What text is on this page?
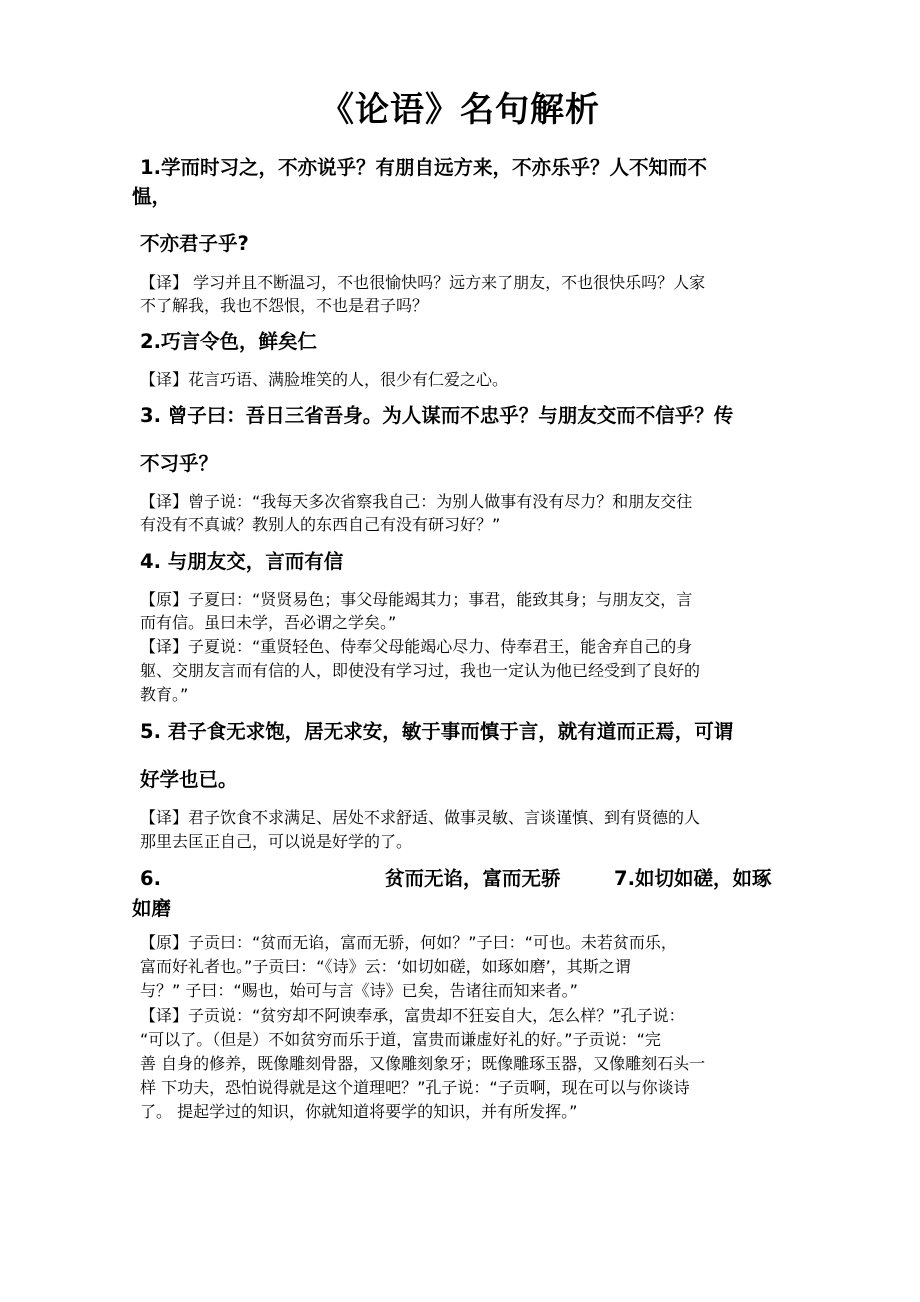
《论语》名句解析
1.学而时习之，不亦说乎？有朋自远方来，不亦乐乎？人不知而不
愠，
不亦君子乎?
【译】 学习并且不断温习，不也很愉快吗？远方来了朋友，不也很快乐吗？人家
不了解我，我也不怨恨，不也是君子吗？
2.巧言令色，鲜矣仁
【译】花言巧语、满脸堆笑的人，很少有仁爱之心。
3. 曾子曰：吾日三省吾身。为人谋而不忠乎？与朋友交而不信乎？传
不习乎？
【译】曾子说：“我每天多次省察我自己：为别人做事有没有尽力？和朋友交往
有没有不真诚？教别人的东西自己有没有研习好？”
4. 与朋友交，言而有信
【原】子夏曰：“贤贤易色；事父母能竭其力；事君，能致其身；与朋友交，言
而有信。虽曰未学，吾必谓之学矣。”
【译】子夏说：“重贤轻色、侍奉父母能竭心尽力、侍奉君王，能舍弃自己的身
躯、交朋友言而有信的人，即使没有学习过，我也一定认为他已经受到了良好的
教育。”
5. 君子食无求饱，居无求安，敏于事而慎于言，就有道而正焉，可谓
好学也已。
【译】君子饮食不求满足、居处不求舒适、做事灵敏、言谈谨慎、到有贤德的人
那里去匡正自己，可以说是好学的了。
6.	贫而无谄，富而无骄	7.如切如磋，如琢
如磨
【原】子贡曰：“贫而无谄，富而无骄，何如？”子曰：“可也。未若贫而乐，
富而好礼者也。”子贡曰：“《诗》云：‘如切如磋，如琢如磨’，其斯之谓
与？” 子曰：“赐也，始可与言《诗》已矣，告诸往而知来者。”
【译】子贡说：“贫穷却不阿谀奉承，富贵却不狂妄自大，怎么样？”孔子说：
“可以了。（但是）不如贫穷而乐于道，富贵而谦虚好礼的好。”子贡说：“完
善 自身的修养，既像雕刻骨器，又像雕刻象牙；既像雕琢玉器，又像雕刻石头一
样 下功夫，恐怕说得就是这个道理吧？”孔子说：“子贡啊，现在可以与你谈诗
了。 提起学过的知识，你就知道将要学的知识，并有所发挥。”
